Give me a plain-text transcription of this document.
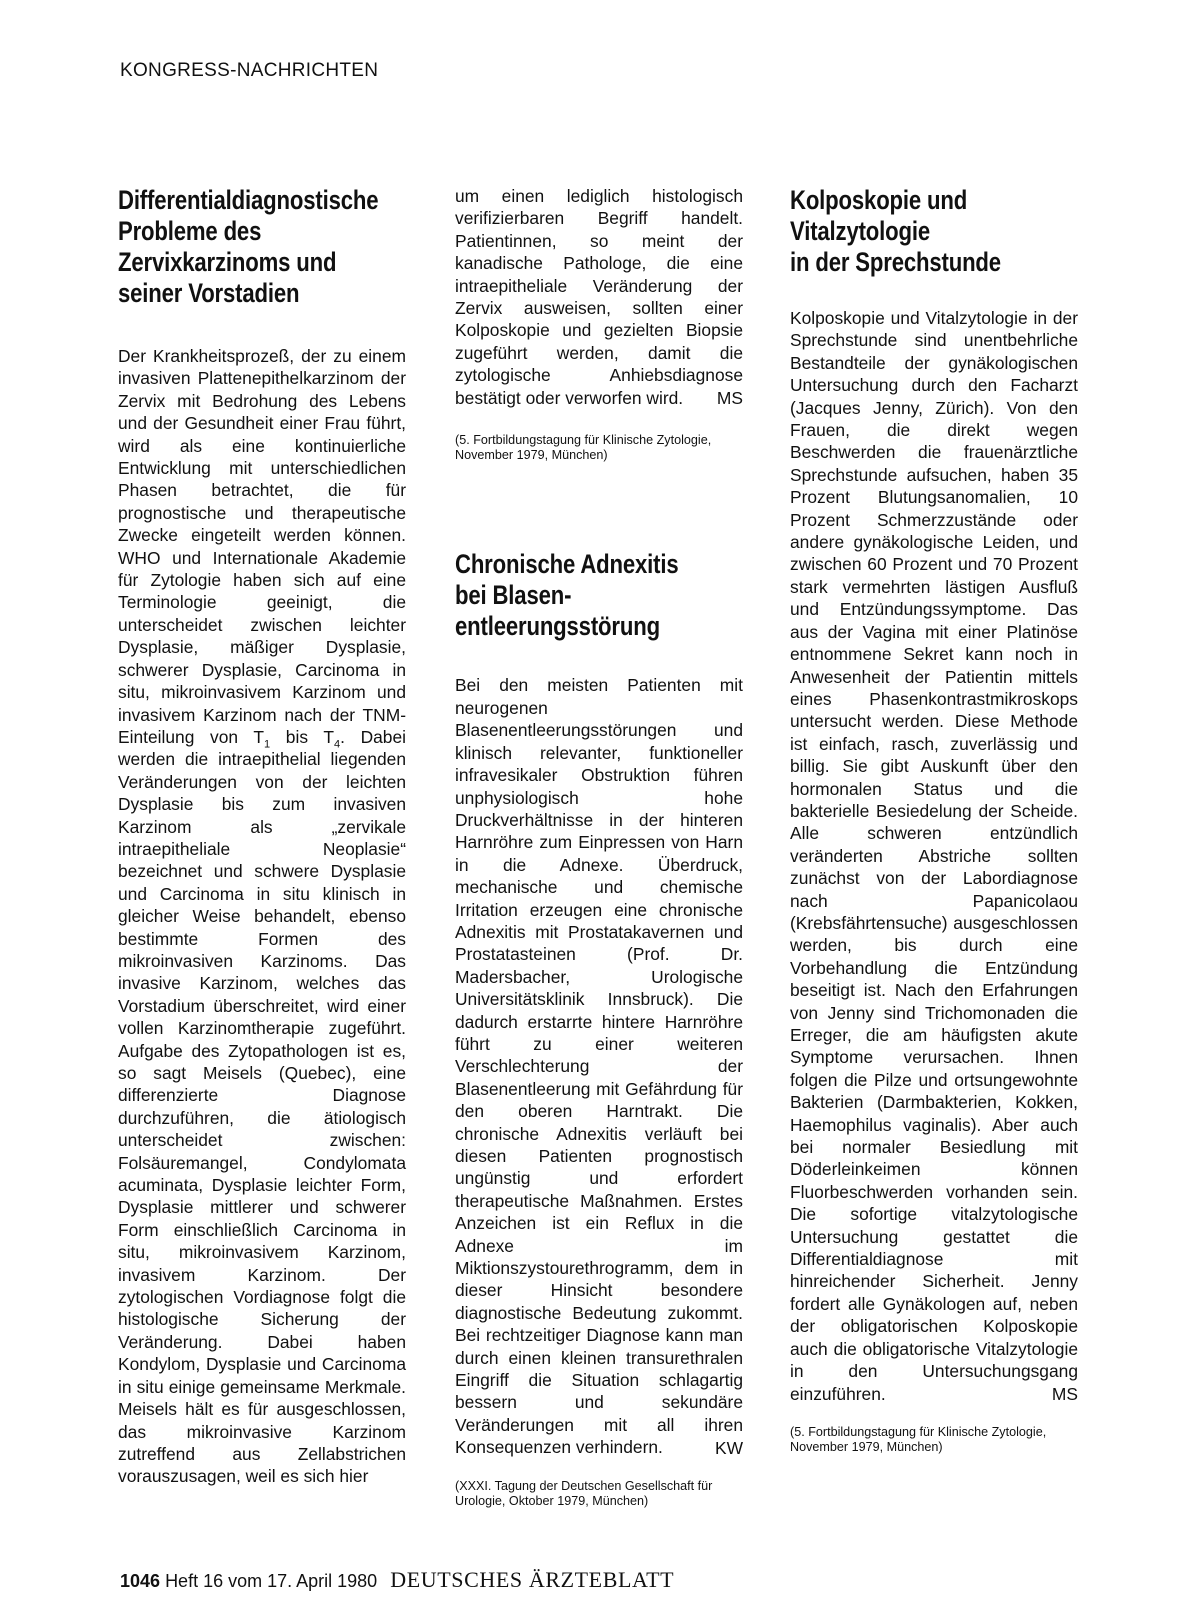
KONGRESS-NACHRICHTEN
Differentialdiagnostische
Probleme des
Zervixkarzinoms und
seiner Vorstadien

Der Krankheitsprozeß, der zu einem invasiven Plattenepithelkarzinom der Zervix mit Bedrohung des Lebens und der Gesundheit einer Frau führt, wird als eine kontinuierliche Entwicklung mit unterschiedlichen Phasen betrachtet, die für prognostische und therapeutische Zwecke eingeteilt werden können. WHO und Internationale Akademie für Zytologie haben sich auf eine Terminologie geeinigt, die unterscheidet zwischen leichter Dysplasie, mäßiger Dysplasie, schwerer Dysplasie, Carcinoma in situ, mikroinvasivem Karzinom und invasivem Karzinom nach der TNM-Einteilung von $T_1$ bis $T_4$. Dabei werden die intraepithelial liegenden Veränderungen von der leichten Dysplasie bis zum invasiven Karzinom als „zervikale intraepitheliale Neoplasie“ bezeichnet und schwere Dysplasie und Carcinoma in situ klinisch in gleicher Weise behandelt, ebenso bestimmte Formen des mikroinvasiven Karzinoms. Das invasive Karzinom, welches das Vorstadium überschreitet, wird einer vollen Karzinomtherapie zugeführt. Aufgabe des Zytopathologen ist es, so sagt Meisels (Quebec), eine differenzierte Diagnose durchzuführen, die ätiologisch unterscheidet zwischen: Folsäuremangel, Condylomata acuminata, Dysplasie leichter Form, Dysplasie mittlerer und schwerer Form einschließlich Carcinoma in situ, mikroinvasivem Karzinom, invasivem Karzinom. Der zytologischen Vordiagnose folgt die histologische Sicherung der Veränderung. Dabei haben Kondylom, Dysplasie und Carcinoma in situ einige gemeinsame Merkmale. Meisels hält es für ausgeschlossen, das mikroinvasive Karzinom zutreffend aus Zellabstrichen vorauszusagen, weil es sich hier

um einen lediglich histologisch verifizierbaren Begriff handelt. Patientinnen, so meint der kanadische Pathologe, die eine intraepitheliale Veränderung der Zervix ausweisen, sollten einer Kolposkopie und gezielten Biopsie zugeführt werden, damit die zytologische Anhiebsdiagnose bestätigt oder verworfen wird.	MS

(5. Fortbildungstagung für Klinische Zytologie, November 1979, München)

Chronische Adnexitis
bei Blasen-
entleerungsstörung

Bei den meisten Patienten mit neurogenen Blasenentleerungsstörungen und klinisch relevanter, funktioneller infravesikaler Obstruktion führen unphysiologisch hohe Druckverhältnisse in der hinteren Harnröhre zum Einpressen von Harn in die Adnexe. Überdruck, mechanische und chemische Irritation erzeugen eine chronische Adnexitis mit Prostatakavernen und Prostatasteinen (Prof. Dr. Madersbacher, Urologische Universitätsklinik Innsbruck). Die dadurch erstarrte hintere Harnröhre führt zu einer weiteren Verschlechterung der Blasenentleerung mit Gefährdung für den oberen Harntrakt. Die chronische Adnexitis verläuft bei diesen Patienten prognostisch ungünstig und erfordert therapeutische Maßnahmen. Erstes Anzeichen ist ein Reflux in die Adnexe im Miktionszystourethrogramm, dem in dieser Hinsicht besondere diagnostische Bedeutung zukommt. Bei rechtzeitiger Diagnose kann man durch einen kleinen transurethralen Eingriff die Situation schlagartig bessern und sekundäre Veränderungen mit all ihren Konsequenzen verhindern.	KW

(XXXI. Tagung der Deutschen Gesellschaft für Urologie, Oktober 1979, München)

Kolposkopie und
Vitalzytologie
in der Sprechstunde

Kolposkopie und Vitalzytologie in der Sprechstunde sind unentbehrliche Bestandteile der gynäkologischen Untersuchung durch den Facharzt (Jacques Jenny, Zürich). Von den Frauen, die direkt wegen Beschwerden die frauenärztliche Sprechstunde aufsuchen, haben 35 Prozent Blutungsanomalien, 10 Prozent Schmerzzustände oder andere gynäkologische Leiden, und zwischen 60 Prozent und 70 Prozent stark vermehrten lästigen Ausfluß und Entzündungssymptome. Das aus der Vagina mit einer Platinöse entnommene Sekret kann noch in Anwesenheit der Patientin mittels eines Phasenkontrastmikroskops untersucht werden. Diese Methode ist einfach, rasch, zuverlässig und billig. Sie gibt Auskunft über den hormonalen Status und die bakterielle Besiedelung der Scheide. Alle schweren entzündlich veränderten Abstriche sollten zunächst von der Labordiagnose nach Papanicolaou (Krebsfährtensuche) ausgeschlossen werden, bis durch eine Vorbehandlung die Entzündung beseitigt ist. Nach den Erfahrungen von Jenny sind Trichomonaden die Erreger, die am häufigsten akute Symptome verursachen. Ihnen folgen die Pilze und ortsungewohnte Bakterien (Darmbakterien, Kokken, Haemophilus vaginalis). Aber auch bei normaler Besiedlung mit Döderleinkeimen können Fluorbeschwerden vorhanden sein. Die sofortige vitalzytologische Untersuchung gestattet die Differentialdiagnose mit hinreichender Sicherheit. Jenny fordert alle Gynäkologen auf, neben der obligatorischen Kolposkopie auch die obligatorische Vitalzytologie in den Untersuchungsgang einzuführen.	MS

(5. Fortbildungstagung für Klinische Zytologie, November 1979, München)

1046 Heft 16 vom 17. April 1980 DEUTSCHES ÄRZTEBLATT
